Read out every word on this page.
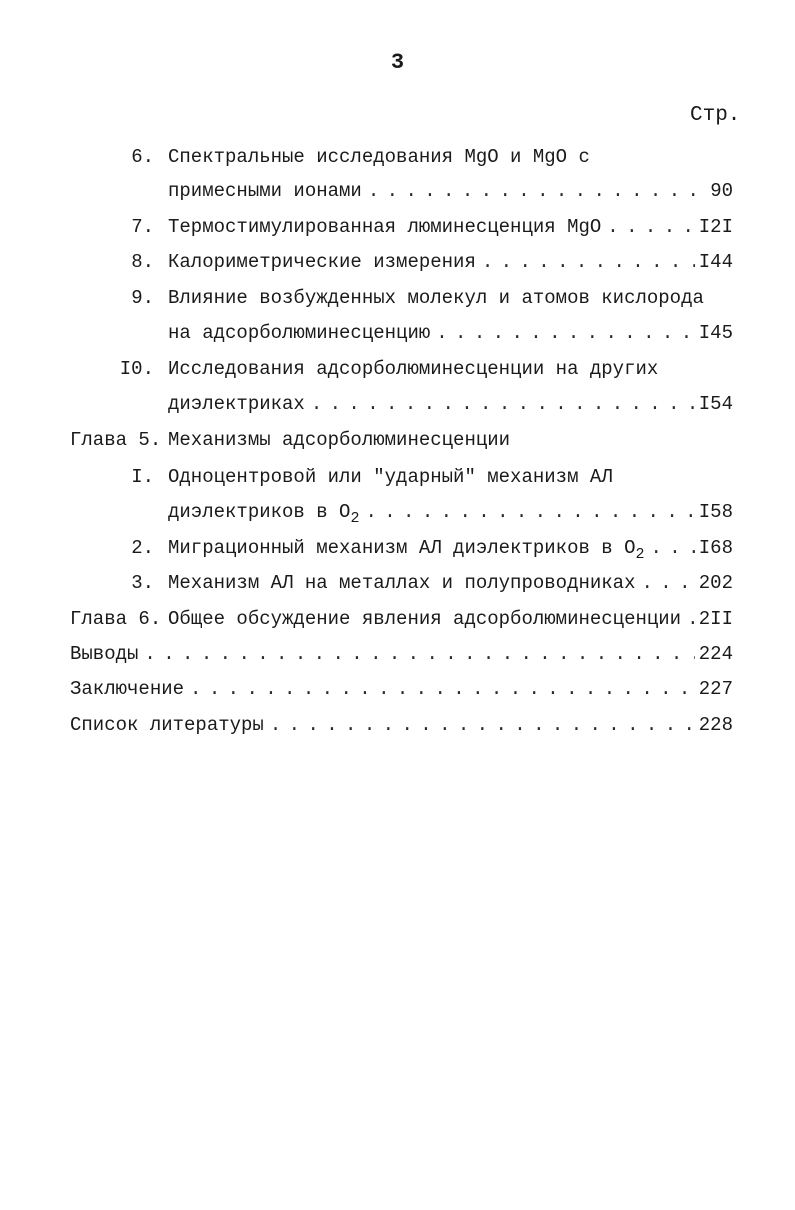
3
Стр.
6. Спектральные исследования MgO и MgO с
примесными ионами . . .	90
7. Термостимулированная люминесценция MgO . . .	I2I
8. Калориметрические измерения . . .	I44
9. Влияние возбужденных молекул и атомов кислорода
на адсорболюминесценцию . . .	I45
I0. Исследования адсорболюминесценции на других
диэлектриках . . .	I54
Глава 5. Механизмы адсорболюминесценции
I. Одноцентровой или "ударный" механизм АЛ
диэлектриков в $O_2$ . . .	I58
2. Миграционный механизм АЛ диэлектриков в $O_2$ . . .	I68
3. Механизм АЛ на металлах и полупроводниках . . .	202
Глава 6. Общее обсуждение явления адсорболюминесценции . . . 2II
Выводы . . .	224
Заключение . . .	227
Список литературы . . .	228
